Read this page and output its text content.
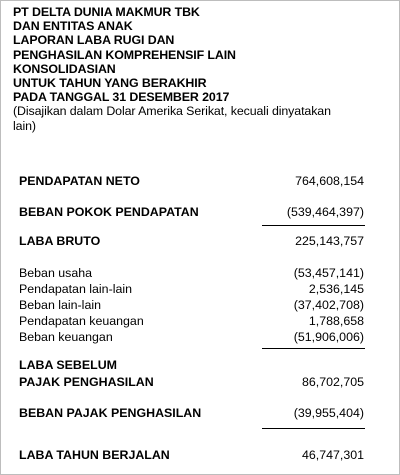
PT DELTA DUNIA MAKMUR TBK
DAN ENTITAS ANAK
LAPORAN LABA RUGI DAN
PENGHASILAN KOMPREHENSIF LAIN
KONSOLIDASIAN
UNTUK TAHUN YANG BERAKHIR
PADA TANGGAL 31 DESEMBER 2017
(Disajikan dalam Dolar Amerika Serikat, kecuali dinyatakan
lain)
PENDAPATAN NETO	764,608,154
BEBAN POKOK PENDAPATAN	(539,464,397)
LABA BRUTO	225,143,757
Beban usaha	(53,457,141)
Pendapatan lain-lain	2,536,145
Beban lain-lain	(37,402,708)
Pendapatan keuangan	1,788,658
Beban keuangan	(51,906,006)
LABA SEBELUM
PAJAK PENGHASILAN	86,702,705
BEBAN PAJAK PENGHASILAN	(39,955,404)
LABA TAHUN BERJALAN	46,747,301
